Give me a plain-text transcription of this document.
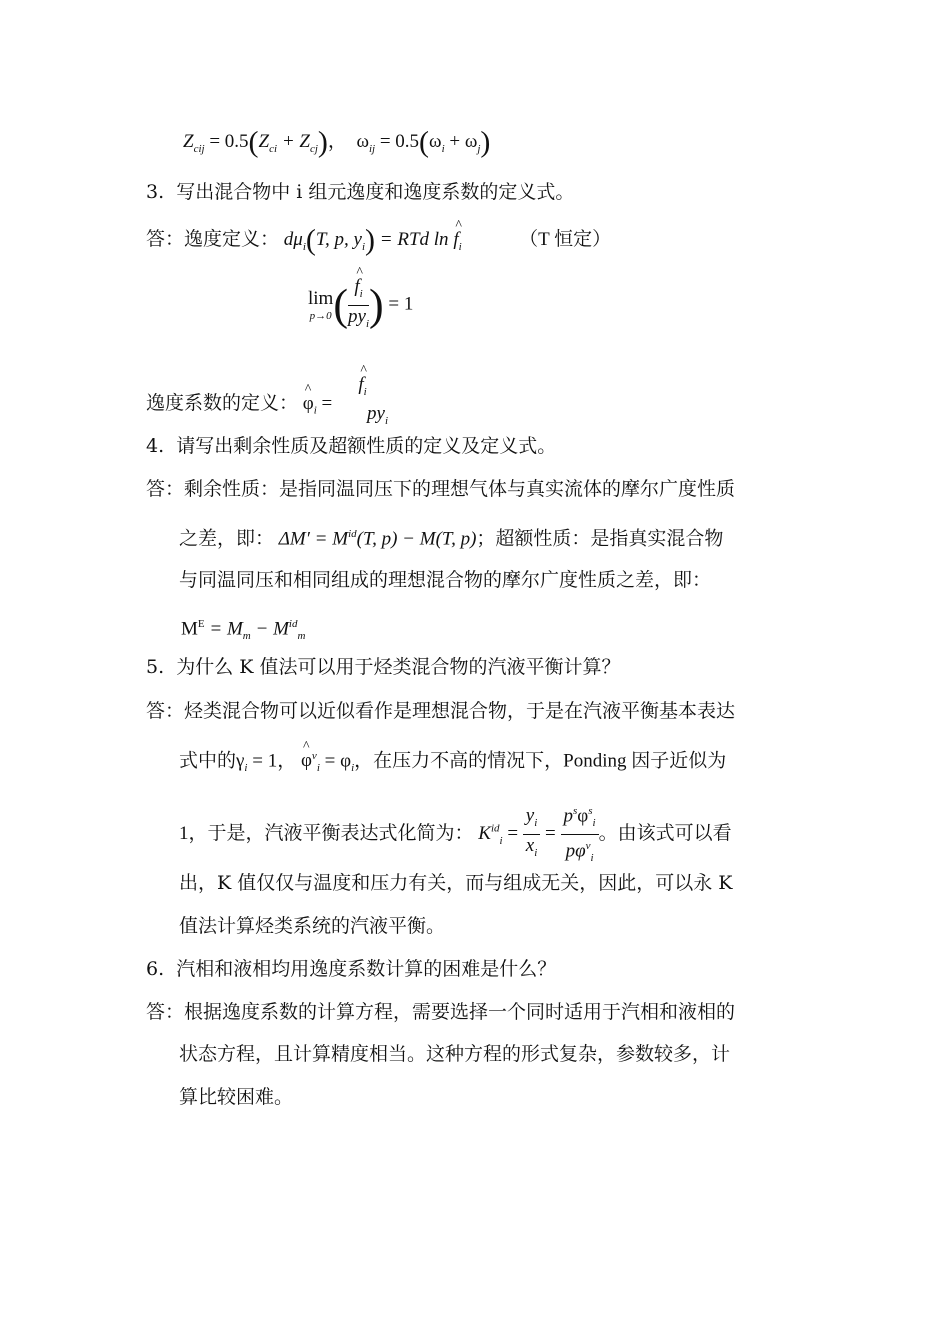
$Z_{cij} = 0.5(Z_{ci} + Z_{cj})$， $\omega_{ij} = 0.5(\omega_i + \omega_j)$
3. 写出混合物中 i 组元逸度和逸度系数的定义式。
答：逸度定义： $d\mu_i(T$, p, $y_i$) = RTd ln ^ $f_i$	（T 恒定）
lim
p→0 ( ^ $\frac{f_i}{py_i}$ ) = 1
逸度系数的定义： ^ $\varphi_i$ =
^ $f_i$
$py_i$
4. 请写出剩余性质及超额性质的定义及定义式。
答：剩余性质：是指同温同压下的理想气体与真实流体的摩尔广度性质
之差，即： $\Delta M' = M^{id}(T$, p) − M(T, p)；超额性质：是指真实混合物
与同温同压和相同组成的理想混合物的摩尔广度性质之差，即：
$M^E = M_m - M^{id}_m$
5. 为什么 K 值法可以用于烃类混合物的汽液平衡计算？
答：烃类混合物可以近似看作是理想混合物，于是在汽液平衡基本表达
式中的$\gamma_i = 1$， ^ $\varphi^v_i = \varphi_i$，在压力不高的情况下，Ponding 因子近似为
1，于是，汽液平衡表达式化简为： $K^{id}_i = \frac{y_i}{x_i} = \frac{p^s\varphi^s_i}{p\varphi^v_i}$ 。由该式可以看
出，K 值仅仅与温度和压力有关，而与组成无关，因此，可以永 K
值法计算烃类系统的汽液平衡。
6. 汽相和液相均用逸度系数计算的困难是什么？
答：根据逸度系数的计算方程，需要选择一个同时适用于汽相和液相的
状态方程，且计算精度相当。这种方程的形式复杂，参数较多，计
算比较困难。
